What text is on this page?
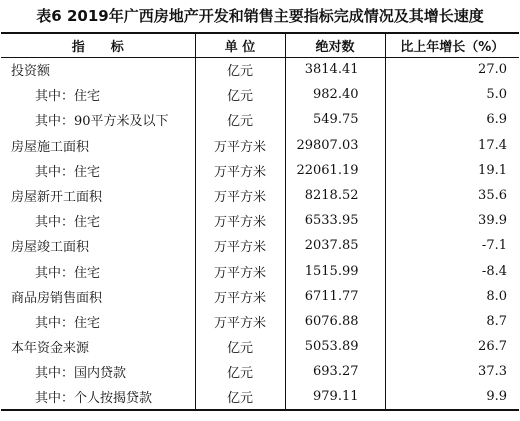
表6 2019年广西房地产开发和销售主要指标完成情况及其增长速度
指　　标	单 位	绝对数	比上年增长（%）
投资额	亿元	3814.41	27.0
其中：住宅	亿元	982.40	5.0
其中：90平方米及以下	亿元	549.75	6.9
房屋施工面积	万平方米	29807.03	17.4
其中：住宅	万平方米	22061.19	19.1
房屋新开工面积	万平方米	8218.52	35.6
其中：住宅	万平方米	6533.95	39.9
房屋竣工面积	万平方米	2037.85	-7.1
其中：住宅	万平方米	1515.99	-8.4
商品房销售面积	万平方米	6711.77	8.0
其中：住宅	万平方米	6076.88	8.7
本年资金来源	亿元	5053.89	26.7
其中：国内贷款	亿元	693.27	37.3
其中：个人按揭贷款	亿元	979.11	9.9
